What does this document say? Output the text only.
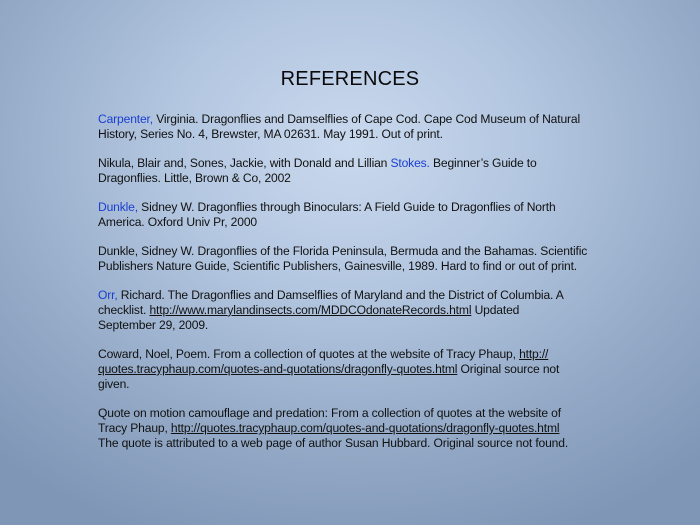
REFERENCES
Carpenter, Virginia. Dragonflies and Damselflies of Cape Cod. Cape Cod Museum of Natural
History, Series No. 4, Brewster, MA 02631. May 1991. Out of print.
Nikula, Blair and, Sones, Jackie, with Donald and Lillian Stokes. Beginner’s Guide to
Dragonflies. Little, Brown & Co, 2002
Dunkle, Sidney W. Dragonflies through Binoculars: A Field Guide to Dragonflies of North
America. Oxford Univ Pr, 2000
Dunkle, Sidney W. Dragonflies of the Florida Peninsula, Bermuda and the Bahamas. Scientific
Publishers Nature Guide, Scientific Publishers, Gainesville, 1989. Hard to find or out of print.
Orr, Richard. The Dragonflies and Damselflies of Maryland and the District of Columbia. A
checklist. http://www.marylandinsects.com/MDDCOdonateRecords.html Updated
September 29, 2009.
Coward, Noel, Poem. From a collection of quotes at the website of Tracy Phaup, http://
quotes.tracyphaup.com/quotes-and-quotations/dragonfly-quotes.html Original source not
given.
Quote on motion camouflage and predation: From a collection of quotes at the website of
Tracy Phaup, http://quotes.tracyphaup.com/quotes-and-quotations/dragonfly-quotes.html
The quote is attributed to a web page of author Susan Hubbard. Original source not found.
